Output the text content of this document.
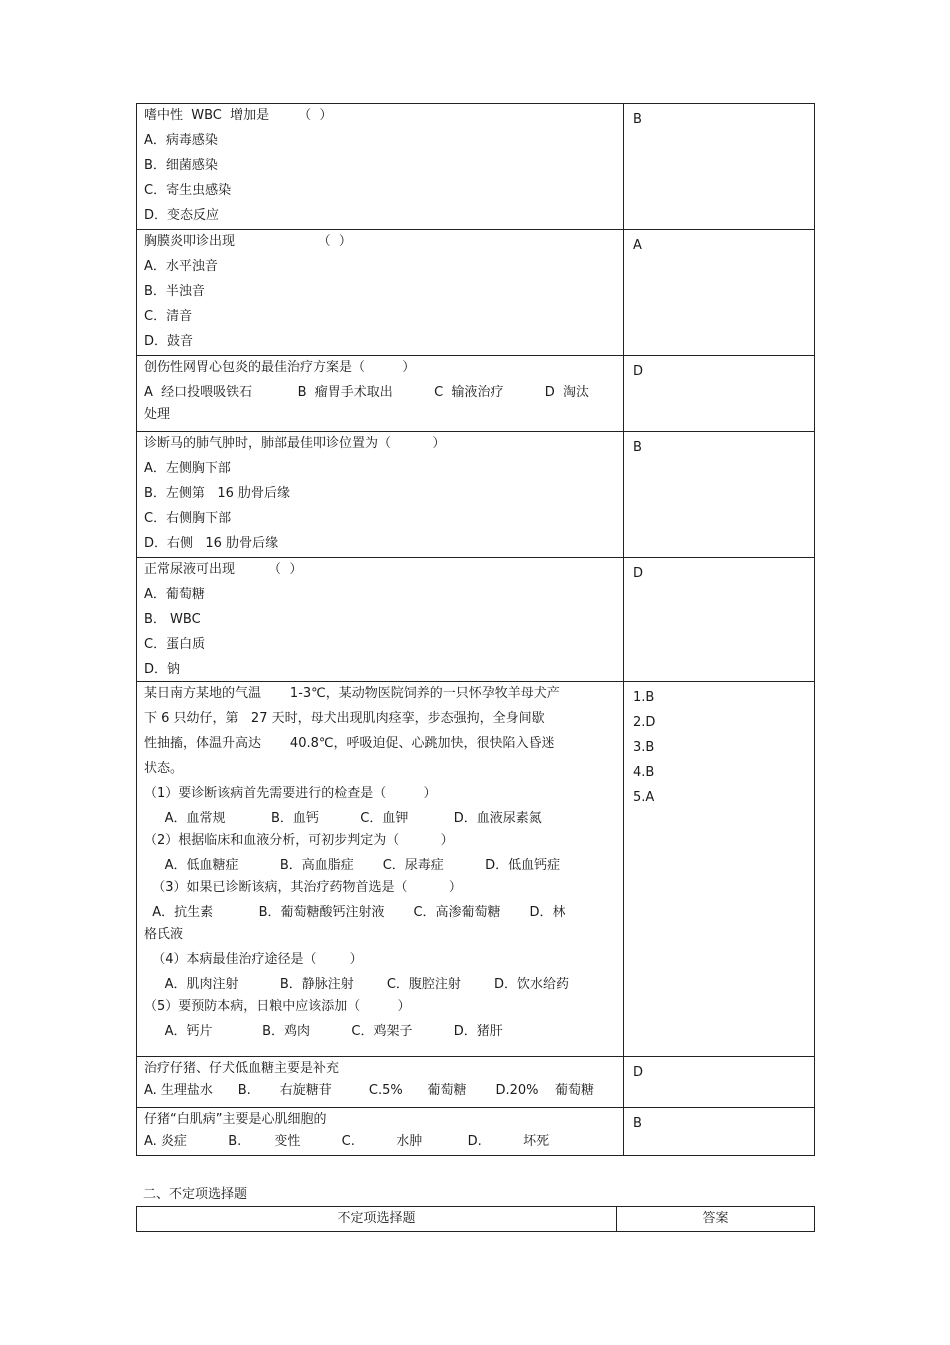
嗜中性  WBC  增加是       （  ）
A．病毒感染
B．细菌感染
C．寄生虫感染
D．变态反应
B
胸膜炎叩诊出现                    （  ）
A．水平浊音
B．半浊音
C．清音
D．鼓音
A
创伤性网胃心包炎的最佳治疗方案是（         ）
A  经口投喂吸铁石           B  瘤胃手术取出          C  输液治疗          D  淘汰
处理
D
诊断马的肺气肿时，肺部最佳叩诊位置为（          ）
A．左侧胸下部
B．左侧第   16 肋骨后缘
C．右侧胸下部
D．右侧   16 肋骨后缘
B
正常尿液可出现        （  ）
A．葡萄糖
B． WBC
C．蛋白质
D．钠
D
某日南方某地的气温       1-3℃，某动物医院饲养的一只怀孕牧羊母犬产
下 6 只幼仔，第   27 天时，母犬出现肌肉痉挛，步态强拘，全身间歇
性抽搐，体温升高达       40.8℃，呼吸迫促、心跳加快，很快陷入昏迷
状态。
（1）要诊断该病首先需要进行的检查是（         ）
A．血常规           B．血钙          C．血钾           D．血液尿素氮
（2）根据临床和血液分析，可初步判定为（          ）
A．低血糖症          B．高血脂症       C．尿毒症          D．低血钙症
（3）如果已诊断该病，其治疗药物首选是（          ）
A．抗生素           B．葡萄糖酸钙注射液       C．高渗葡萄糖       D．林
格氏液
（4）本病最佳治疗途径是（        ）
A．肌肉注射          B．静脉注射        C．腹腔注射        D．饮水给药
（5）要预防本病，日粮中应该添加（         ）
A．钙片            B．鸡肉          C．鸡架子          D．猪肝
1.B
2.D
3.B
4.B
5.A
治疗仔猪、仔犬低血糖主要是补充
A. 生理盐水      B.       右旋糖苷         C.5%      葡萄糖       D.20%    葡萄糖
D
仔猪“白肌病”主要是心肌细胞的
A. 炎症          B.        变性          C.          水肿           D.          坏死
B
二、不定项选择题
不定项选择题	答案
